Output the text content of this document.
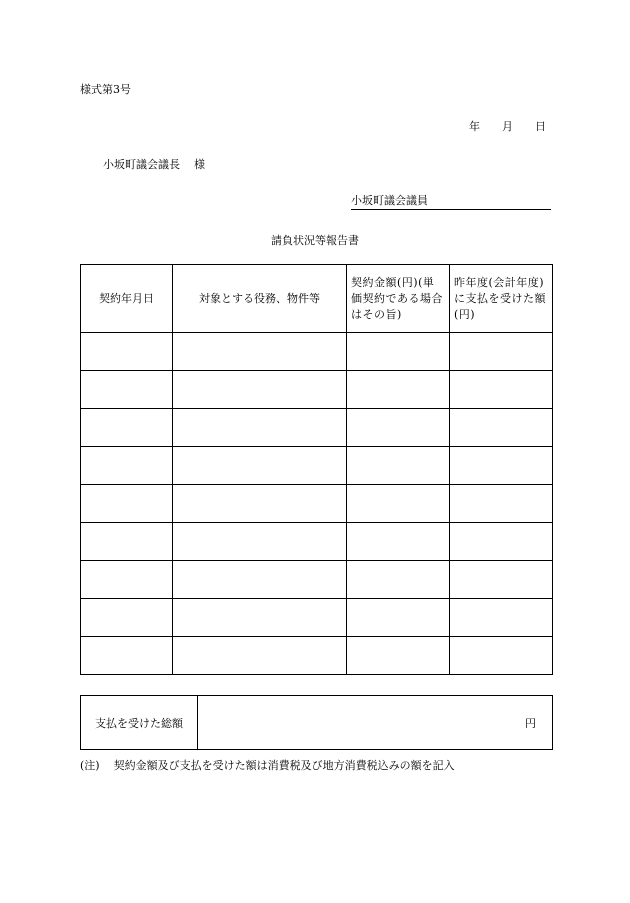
様式第3号
年 月 日
小坂町議会議長 様
小坂町議会議員
請負状況等報告書
契約年月日	対象とする役務、物件等	契約金額(円)(単価契約である場合はその旨)	昨年度(会計年度)に支払を受けた額(円)

支払を受けた総額	円
(注) 契約金額及び支払を受けた額は消費税及び地方消費税込みの額を記入
